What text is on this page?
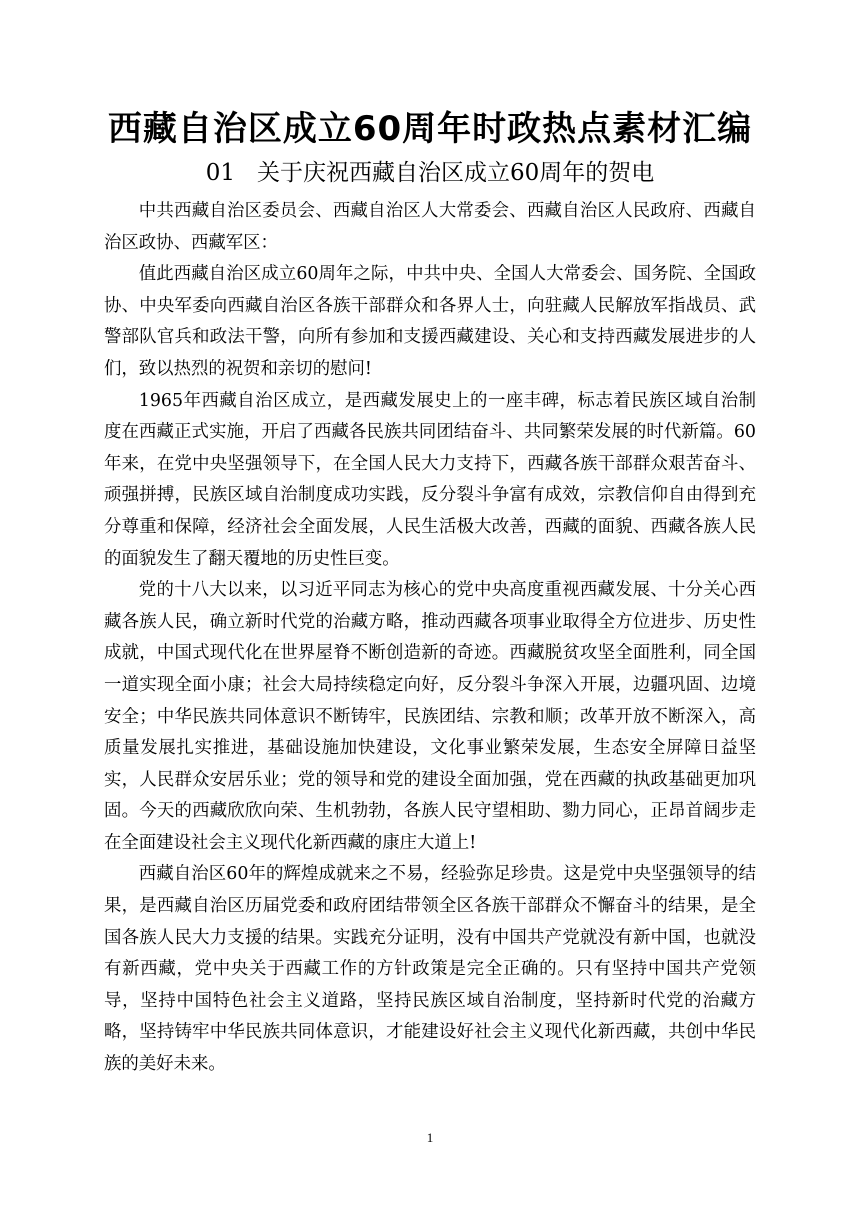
西藏自治区成立60周年时政热点素材汇编
01 关于庆祝西藏自治区成立60周年的贺电

中共西藏自治区委员会、西藏自治区人大常委会、西藏自治区人民政府、西藏自治区政协、西藏军区：

值此西藏自治区成立60周年之际，中共中央、全国人大常委会、国务院、全国政协、中央军委向西藏自治区各族干部群众和各界人士，向驻藏人民解放军指战员、武警部队官兵和政法干警，向所有参加和支援西藏建设、关心和支持西藏发展进步的人们，致以热烈的祝贺和亲切的慰问!

1965年西藏自治区成立，是西藏发展史上的一座丰碑，标志着民族区域自治制度在西藏正式实施，开启了西藏各民族共同团结奋斗、共同繁荣发展的时代新篇。60年来，在党中央坚强领导下，在全国人民大力支持下，西藏各族干部群众艰苦奋斗、顽强拼搏，民族区域自治制度成功实践，反分裂斗争富有成效，宗教信仰自由得到充分尊重和保障，经济社会全面发展，人民生活极大改善，西藏的面貌、西藏各族人民的面貌发生了翻天覆地的历史性巨变。

党的十八大以来，以习近平同志为核心的党中央高度重视西藏发展、十分关心西藏各族人民，确立新时代党的治藏方略，推动西藏各项事业取得全方位进步、历史性成就，中国式现代化在世界屋脊不断创造新的奇迹。西藏脱贫攻坚全面胜利，同全国一道实现全面小康；社会大局持续稳定向好，反分裂斗争深入开展，边疆巩固、边境安全；中华民族共同体意识不断铸牢，民族团结、宗教和顺；改革开放不断深入，高质量发展扎实推进，基础设施加快建设，文化事业繁荣发展，生态安全屏障日益坚实，人民群众安居乐业；党的领导和党的建设全面加强，党在西藏的执政基础更加巩固。今天的西藏欣欣向荣、生机勃勃，各族人民守望相助、勠力同心，正昂首阔步走在全面建设社会主义现代化新西藏的康庄大道上!

西藏自治区60年的辉煌成就来之不易，经验弥足珍贵。这是党中央坚强领导的结果，是西藏自治区历届党委和政府团结带领全区各族干部群众不懈奋斗的结果，是全国各族人民大力支援的结果。实践充分证明，没有中国共产党就没有新中国，也就没有新西藏，党中央关于西藏工作的方针政策是完全正确的。只有坚持中国共产党领导，坚持中国特色社会主义道路，坚持民族区域自治制度，坚持新时代党的治藏方略，坚持铸牢中华民族共同体意识，才能建设好社会主义现代化新西藏，共创中华民族的美好未来。

1
